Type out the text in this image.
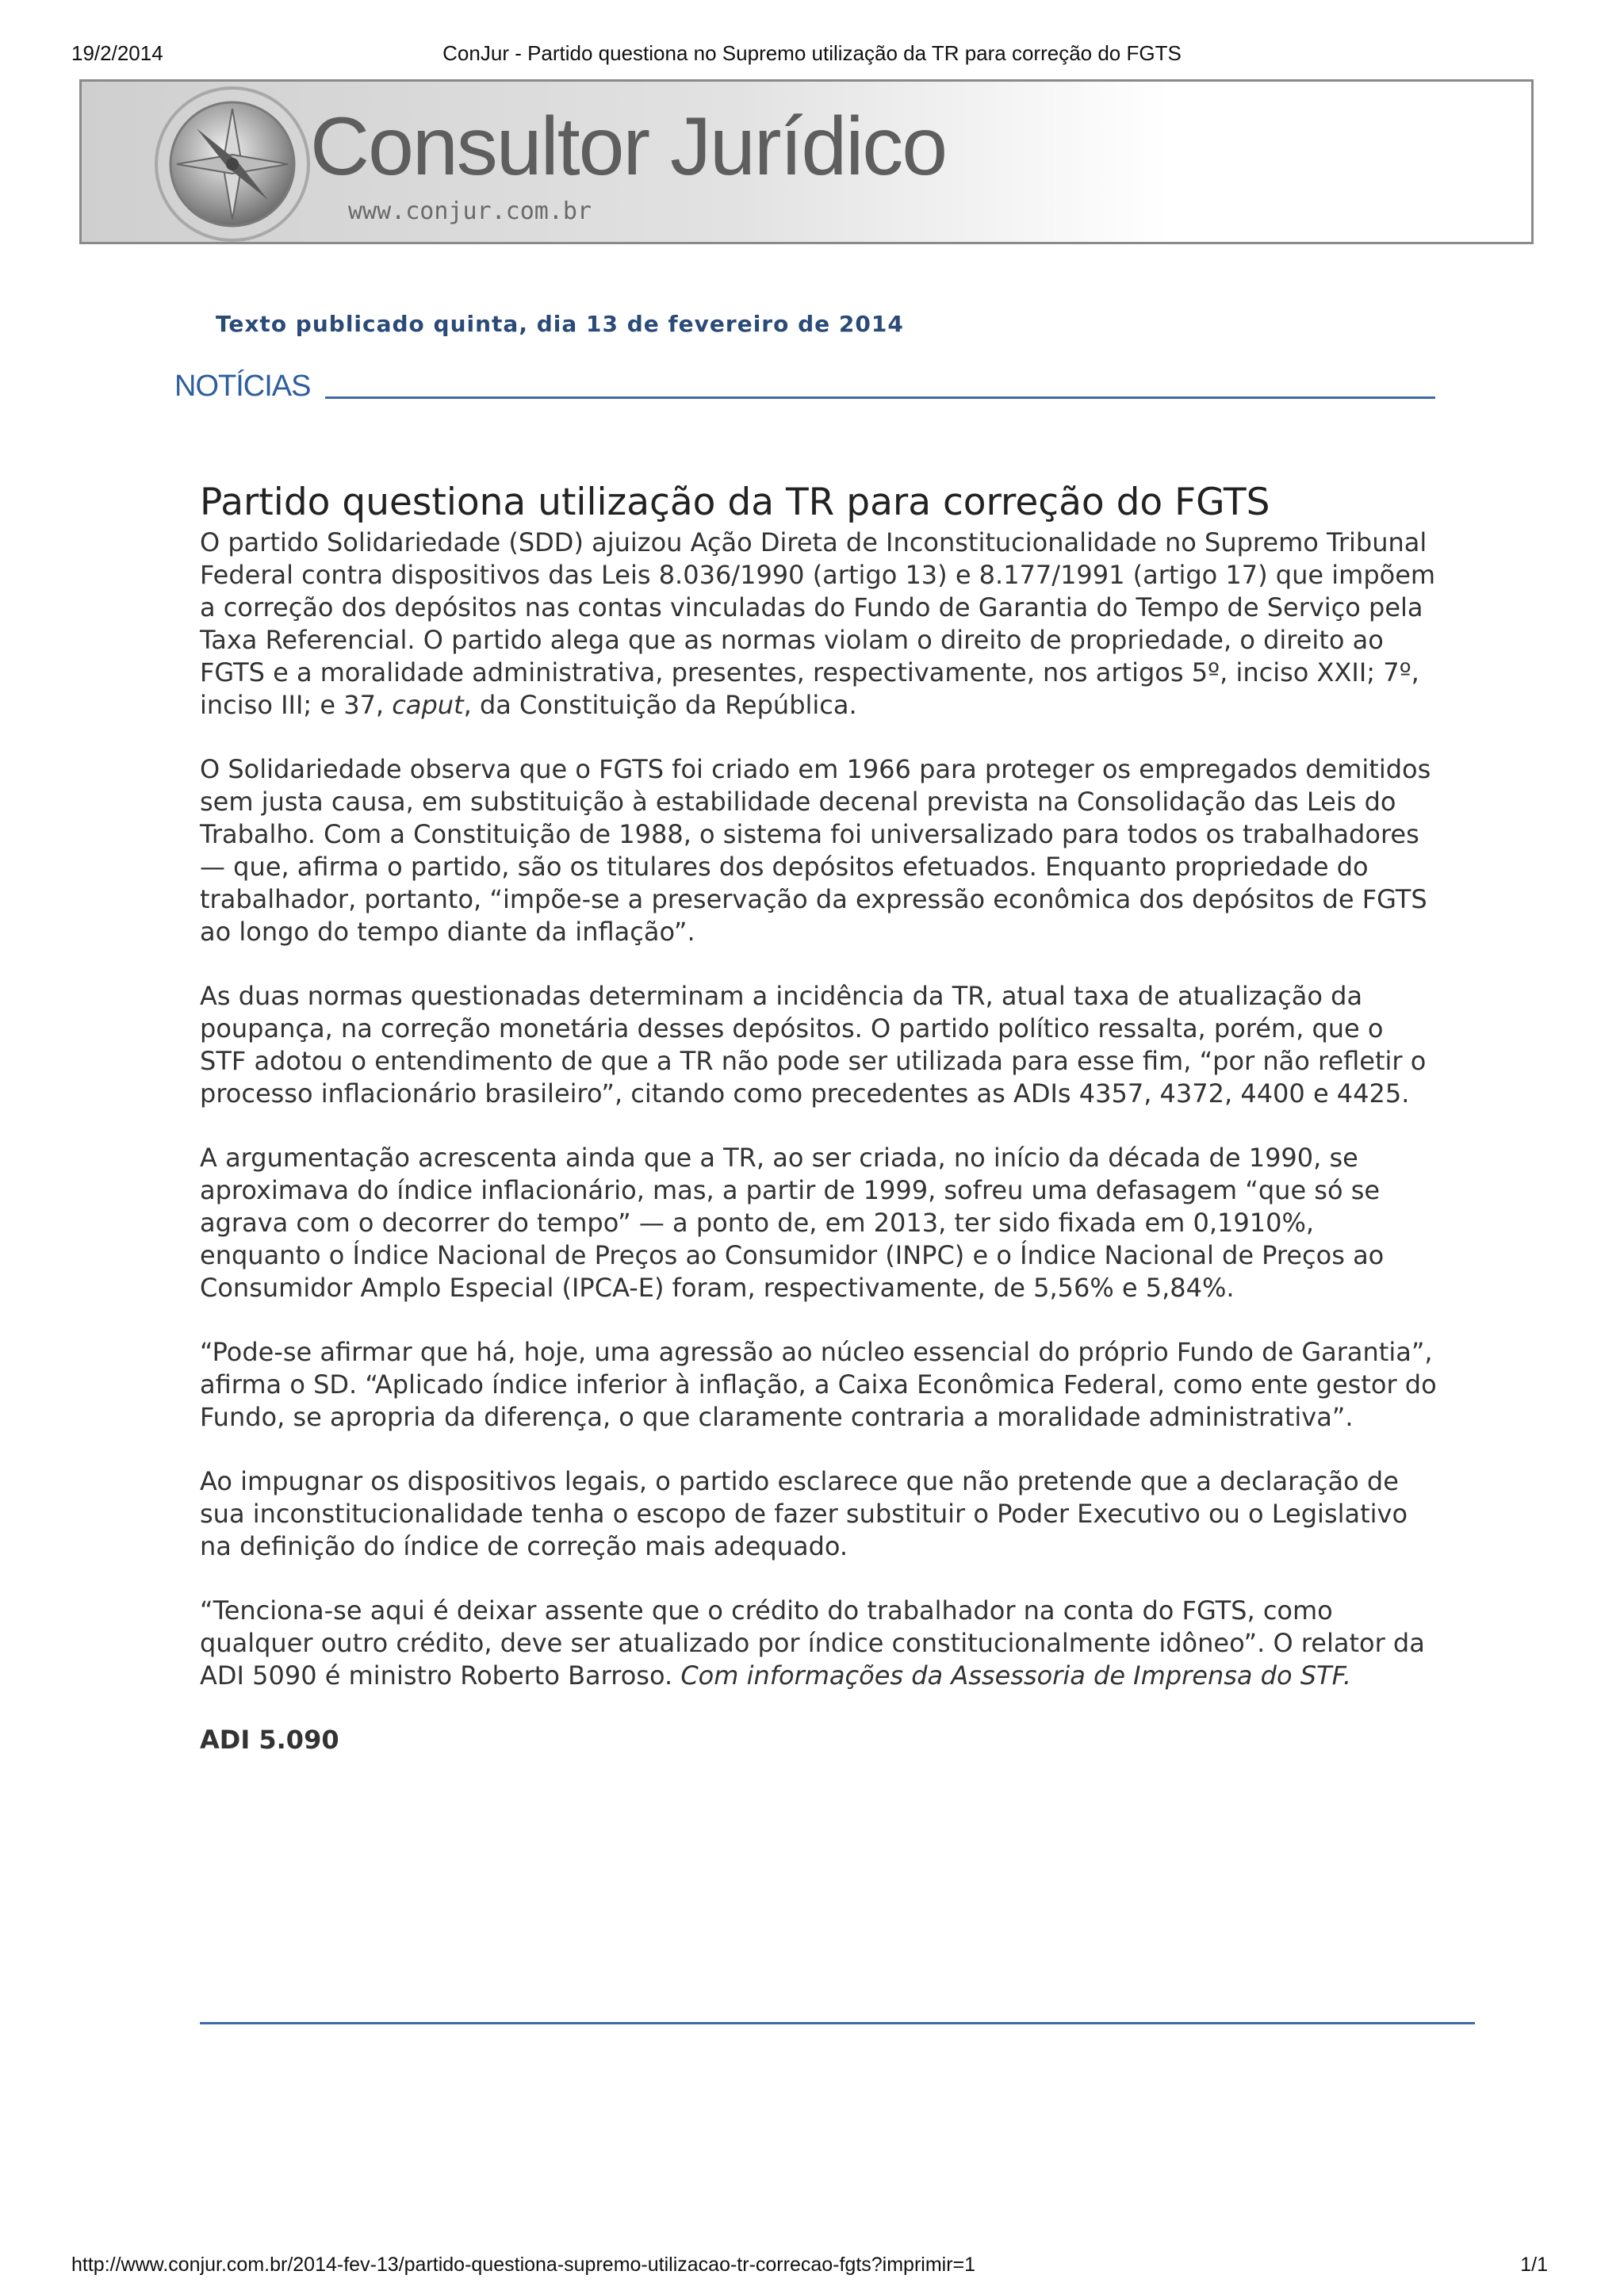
19/2/2014	ConJur - Partido questiona no Supremo utilização da TR para correção do FGTS
Consultor Jurídico
www.conjur.com.br
Texto publicado quinta, dia 13 de fevereiro de 2014
NOTÍCIAS
Partido questiona utilização da TR para correção do FGTS

O partido Solidariedade (SDD) ajuizou Ação Direta de Inconstitucionalidade no Supremo Tribunal Federal contra dispositivos das Leis 8.036/1990 (artigo 13) e 8.177/1991 (artigo 17) que impõem a correção dos depósitos nas contas vinculadas do Fundo de Garantia do Tempo de Serviço pela Taxa Referencial. O partido alega que as normas violam o direito de propriedade, o direito ao FGTS e a moralidade administrativa, presentes, respectivamente, nos artigos 5º, inciso XXII; 7º, inciso III; e 37, caput, da Constituição da República.

O Solidariedade observa que o FGTS foi criado em 1966 para proteger os empregados demitidos sem justa causa, em substituição à estabilidade decenal prevista na Consolidação das Leis do Trabalho. Com a Constituição de 1988, o sistema foi universalizado para todos os trabalhadores — que, afirma o partido, são os titulares dos depósitos efetuados. Enquanto propriedade do trabalhador, portanto, “impõe-se a preservação da expressão econômica dos depósitos de FGTS ao longo do tempo diante da inflação”.

As duas normas questionadas determinam a incidência da TR, atual taxa de atualização da poupança, na correção monetária desses depósitos. O partido político ressalta, porém, que o STF adotou o entendimento de que a TR não pode ser utilizada para esse fim, “por não refletir o processo inflacionário brasileiro”, citando como precedentes as ADIs 4357, 4372, 4400 e 4425.

A argumentação acrescenta ainda que a TR, ao ser criada, no início da década de 1990, se aproximava do índice inflacionário, mas, a partir de 1999, sofreu uma defasagem “que só se agrava com o decorrer do tempo” — a ponto de, em 2013, ter sido fixada em 0,1910%, enquanto o Índice Nacional de Preços ao Consumidor (INPC) e o Índice Nacional de Preços ao Consumidor Amplo Especial (IPCA-E) foram, respectivamente, de 5,56% e 5,84%.

“Pode-se afirmar que há, hoje, uma agressão ao núcleo essencial do próprio Fundo de Garantia”, afirma o SD. “Aplicado índice inferior à inflação, a Caixa Econômica Federal, como ente gestor do Fundo, se apropria da diferença, o que claramente contraria a moralidade administrativa”.

Ao impugnar os dispositivos legais, o partido esclarece que não pretende que a declaração de sua inconstitucionalidade tenha o escopo de fazer substituir o Poder Executivo ou o Legislativo na definição do índice de correção mais adequado.

“Tenciona-se aqui é deixar assente que o crédito do trabalhador na conta do FGTS, como qualquer outro crédito, deve ser atualizado por índice constitucionalmente idôneo”. O relator da ADI 5090 é ministro Roberto Barroso. Com informações da Assessoria de Imprensa do STF.

ADI 5.090

http://www.conjur.com.br/2014-fev-13/partido-questiona-supremo-utilizacao-tr-correcao-fgts?imprimir=1	1/1
